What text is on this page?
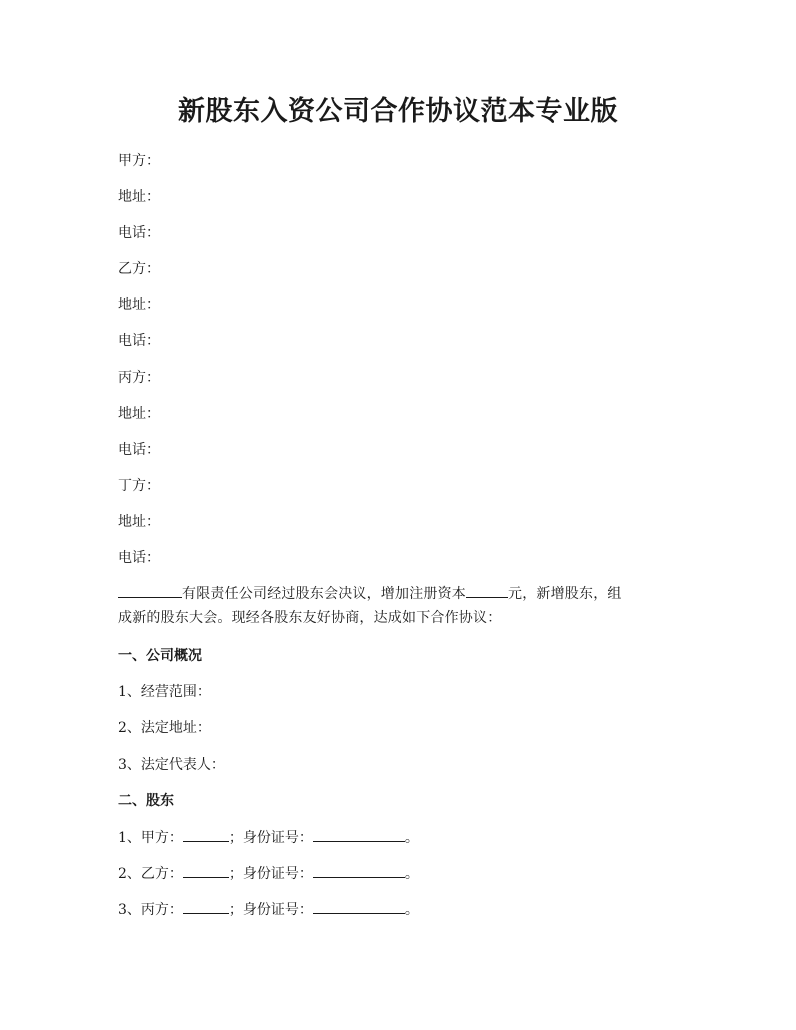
新股东入资公司合作协议范本专业版
甲方：
地址：
电话：
乙方：
地址：
电话：
丙方：
地址：
电话：
丁方：
地址：
电话：
有限责任公司经过股东会决议，增加注册资本	元，新增股东，组
成新的股东大会。现经各股东友好协商，达成如下合作协议：
一、公司概况
1、经营范围：
2、法定地址：
3、法定代表人：
二、股东
1、甲方：	；身份证号：	。
2、乙方：	；身份证号：	。
3、丙方：	；身份证号：	。
